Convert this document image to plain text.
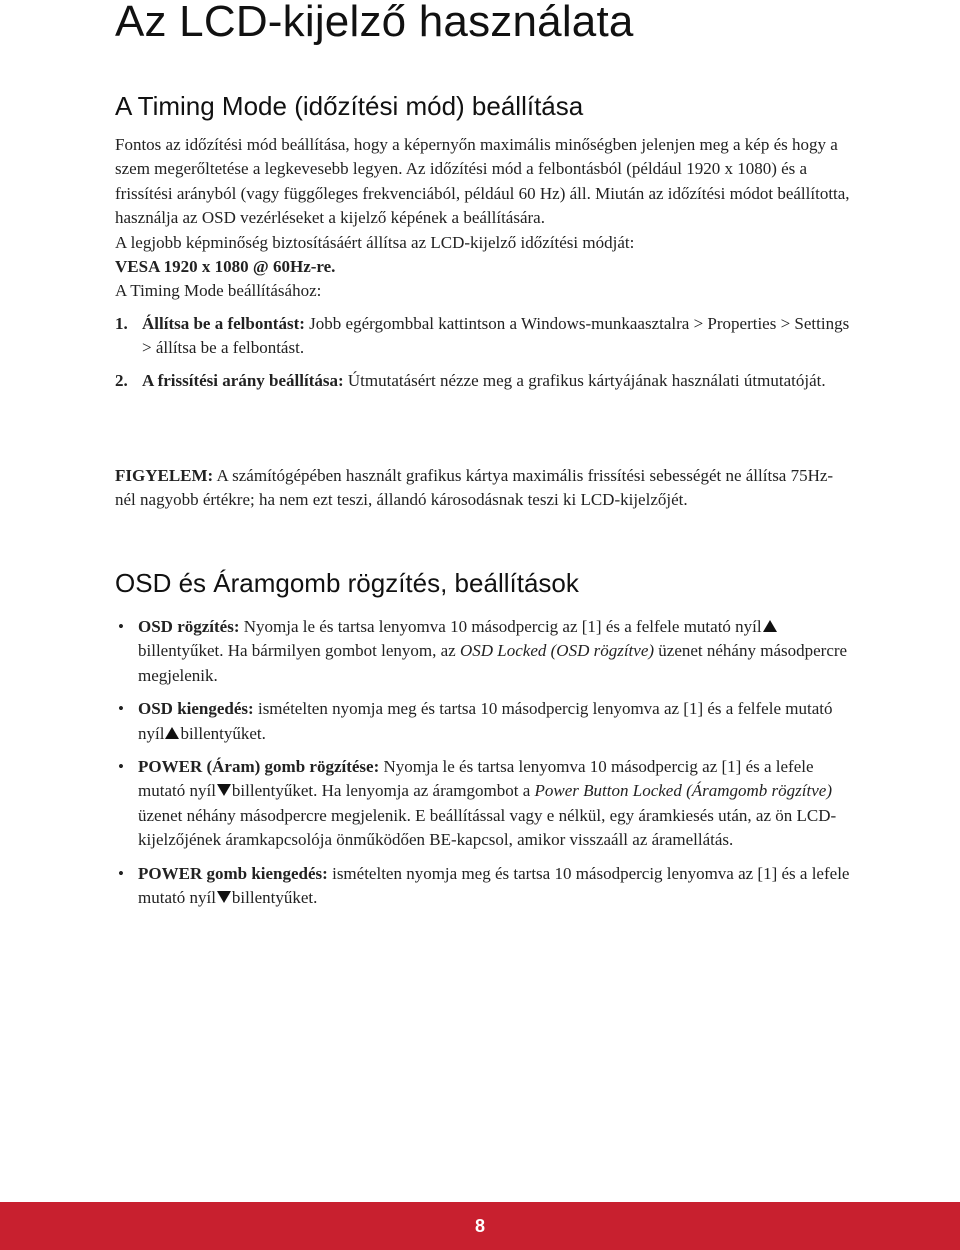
Az LCD-kijelző használata
A Timing Mode (időzítési mód) beállítása

Fontos az időzítési mód beállítása, hogy a képernyőn maximális minőségben jelenjen meg a kép és hogy a szem megerőltetése a legkevesebb legyen. Az időzítési mód a felbontásból (például 1920 x 1080) és a frissítési arányból (vagy függőleges frekvenciából, például 60 Hz) áll. Miután az időzítési módot beállította, használja az OSD vezérléseket a kijelző képének a beállítására.

A legjobb képminőség biztosításáért állítsa az LCD-kijelző időzítési módját:

VESA 1920 x 1080 @ 60Hz-re.

A Timing Mode beállításához:

1. Állítsa be a felbontást: Jobb egérgombbal kattintson a Windows-munkaasztalra > Properties > Settings > állítsa be a felbontást.
2. A frissítési arány beállítása: Útmutatásért nézze meg a grafikus kártyájának használati útmutatóját.
FIGYELEM: A számítógépében használt grafikus kártya maximális frissítési sebességét ne állítsa 75Hz-nél nagyobb értékre; ha nem ezt teszi, állandó károsodásnak teszi ki LCD-kijelzőjét.
OSD és Áramgomb rögzítés, beállítások
• OSD rögzítés: Nyomja le és tartsa lenyomva 10 másodpercig az [1] és a felfele mutató nyílbillentyűket. Ha bármilyen gombot lenyom, az OSD Locked (OSD rögzítve) üzenet néhány másodpercre megjelenik.
• OSD kiengedés: ismételten nyomja meg és tartsa 10 másodpercig lenyomva az [1] és a felfele mutató nyíl billentyűket.
• POWER (Áram) gomb rögzítése: Nyomja le és tartsa lenyomva 10 másodpercig az [1] és a lefele mutató nyíl billentyűket. Ha lenyomja az áramgombot a Power Button Locked (Áramgomb rögzítve) üzenet néhány másodpercre megjelenik. E beállítással vagy e nélkül, egy áramkiesés után, az ön LCD-kijelzőjének áramkapcsolója önműködően BE-kapcsol, amikor visszaáll az áramellátás.
• POWER gomb kiengedés: ismételten nyomja meg és tartsa 10 másodpercig lenyomva az [1] és a lefele mutató nyíl billentyűket.
8
